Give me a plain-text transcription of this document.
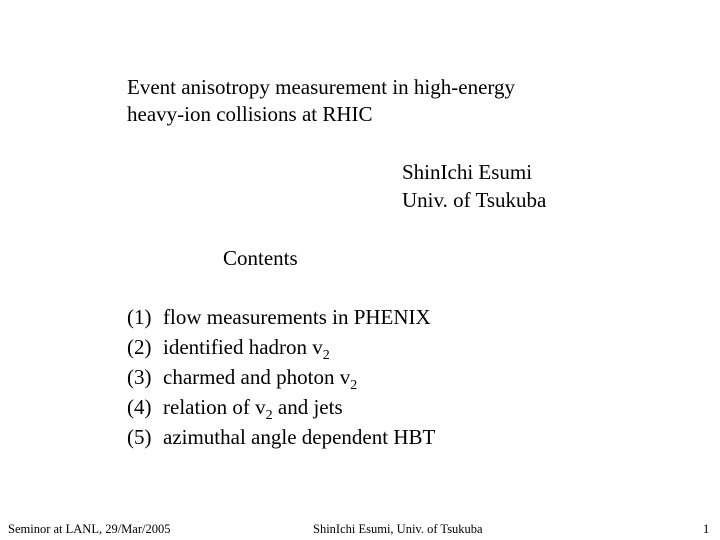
Event anisotropy measurement in high-energy
heavy-ion collisions at RHIC
ShinIchi Esumi
Univ. of Tsukuba
Contents
(1) flow measurements in PHENIX
(2) identified hadron $v_2$
(3) charmed and photon $v_2$
(4) relation of $v_2$ and jets
(5) azimuthal angle dependent HBT
Seminor at LANL, 29/Mar/2005	ShinIchi Esumi, Univ. of Tsukuba	1
